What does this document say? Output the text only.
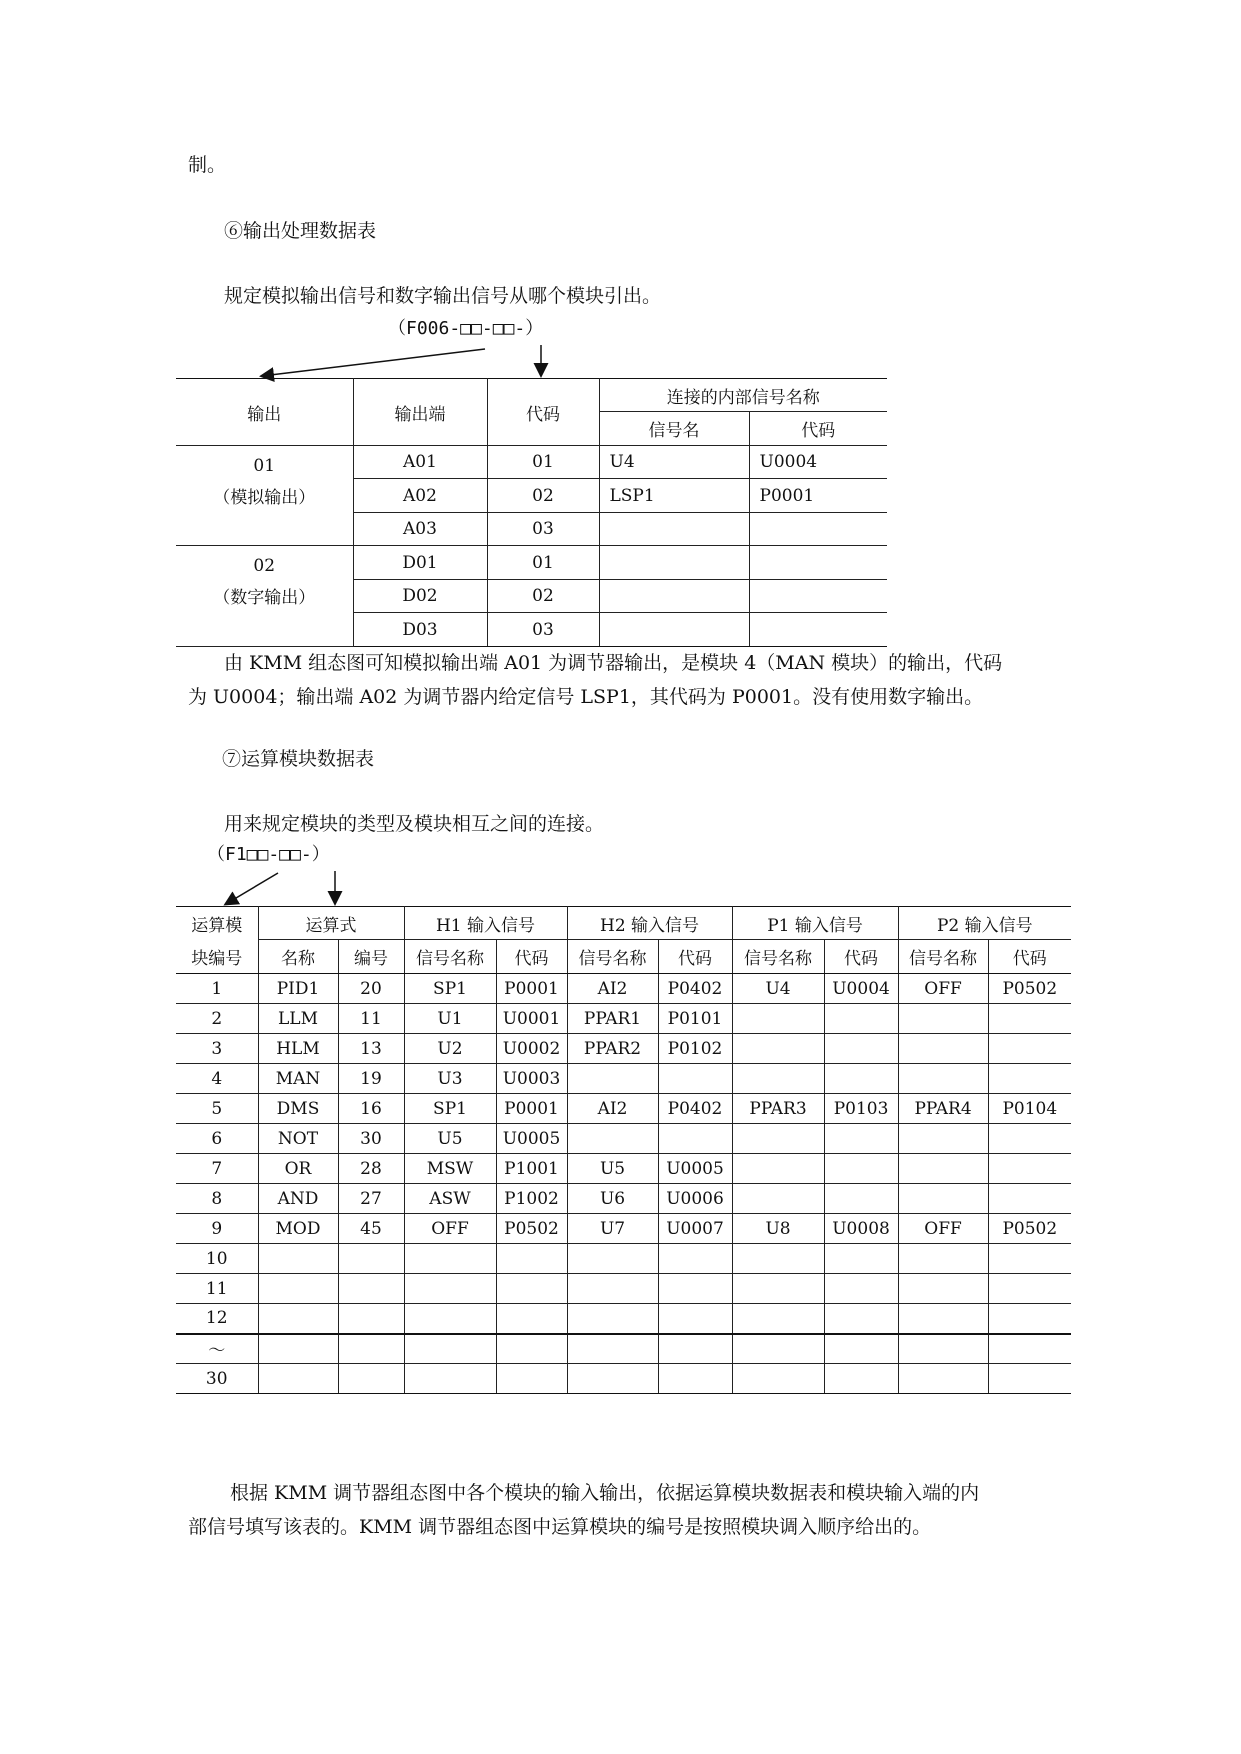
制。
⑥输出处理数据表
规定模拟输出信号和数字输出信号从哪个模块引出。
（F006-□□-□□-）
输出	输出端	代码	连接的内部信号名称	
			信号名	代码

01
（模拟输出）	A01	01	U4	U0004
	A02	02	LSP1	P0001
	A03	03		

02
（数字输出）	D01	01		
	D02	02		
	D03	03		
由 KMM 组态图可知模拟输出端 A01 为调节器输出，是模块 4（MAN 模块）的输出，代码
为 U0004；输出端 A02 为调节器内给定信号 LSP1，其代码为 P0001。没有使用数字输出。
⑦运算模块数据表
用来规定模块的类型及模块相互之间的连接。
（F1□□-□□-）
运算模	运算式		H1 输入信号		H2 输入信号		P1 输入信号		P2 输入信号	
块编号	名称	编号	信号名称	代码	信号名称	代码	信号名称	代码	信号名称	代码
1	PID1	20	SP1	P0001	AI2	P0402	U4	U0004	OFF	P0502
2	LLM	11	U1	U0001	PPAR1	P0101				
3	HLM	13	U2	U0002	PPAR2	P0102				
4	MAN	19	U3	U0003						
5	DMS	16	SP1	P0001	AI2	P0402	PPAR3	P0103	PPAR4	P0104
6	NOT	30	U5	U0005						
7	OR	28	MSW	P1001	U5	U0005				
8	AND	27	ASW	P1002	U6	U0006				
9	MOD	45	OFF	P0502	U7	U0007	U8	U0008	OFF	P0502
10										
11										
12										
～										
30										
根据 KMM 调节器组态图中各个模块的输入输出，依据运算模块数据表和模块输入端的内
部信号填写该表的。KMM 调节器组态图中运算模块的编号是按照模块调入顺序给出的。
